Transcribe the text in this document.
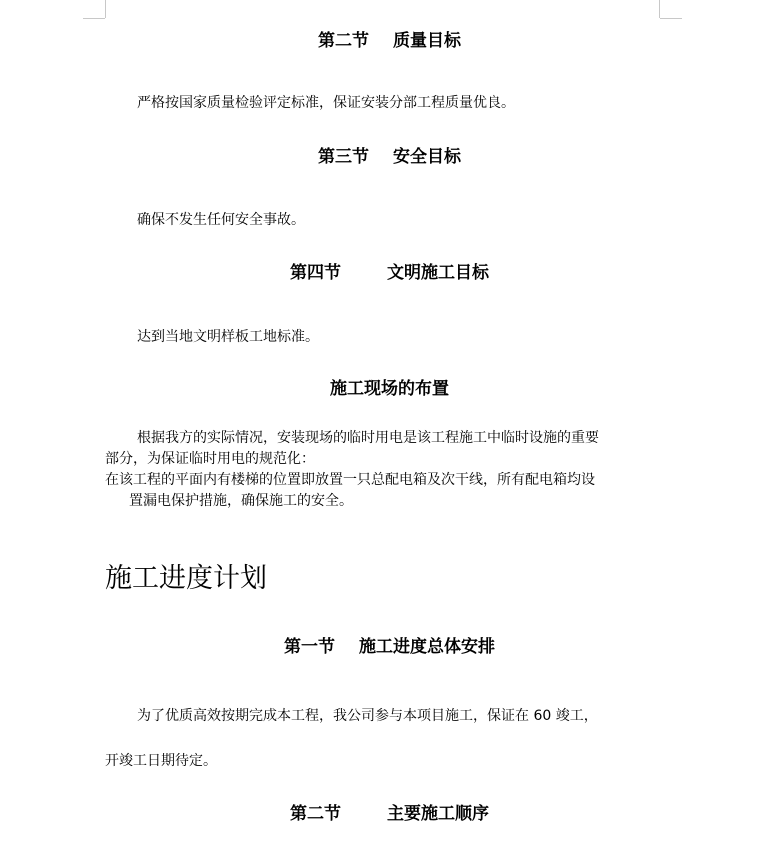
第二节 质量目标
严格按国家质量检验评定标准，保证安装分部工程质量优良。
第三节 安全目标
确保不发生任何安全事故。
第四节	文明施工目标
达到当地文明样板工地标准。
施工现场的布置
根据我方的实际情况，安装现场的临时用电是该工程施工中临时设施的重要
部分，为保证临时用电的规范化：
在该工程的平面内有楼梯的位置即放置一只总配电箱及次干线，所有配电箱均设
置漏电保护措施，确保施工的安全。
施工进度计划
第一节 施工进度总体安排
为了优质高效按期完成本工程，我公司参与本项目施工，保证在 60 竣工，
开竣工日期待定。
第二节	主要施工顺序
